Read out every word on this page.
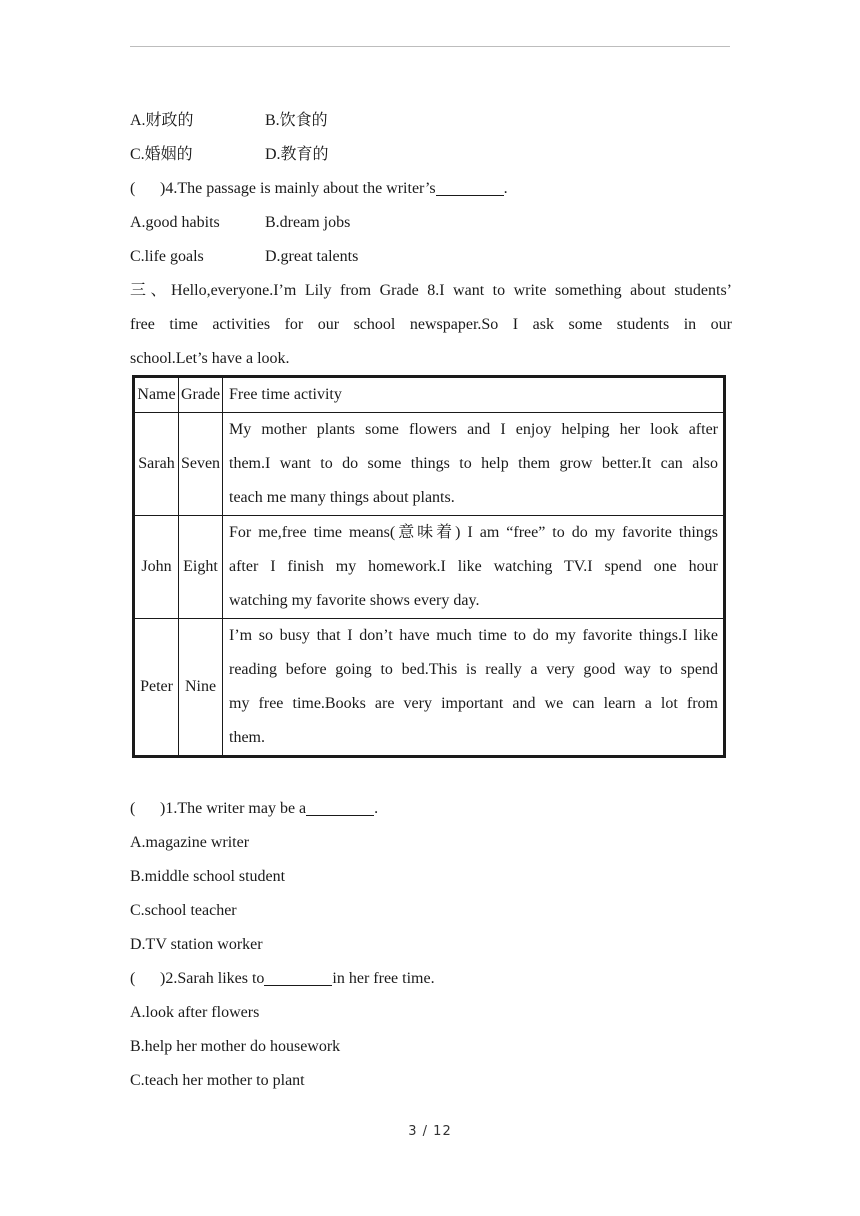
A.财政的	B.饮食的
C.婚姻的	D.教育的
( )4.The passage is mainly about the writer’s	.
A.good habits	B.dream jobs
C.life goals	D.great talents
三、Hello,everyone.I’m Lily from Grade 8.I want to write something about students’
free time activities for our school newspaper.So I ask some students in our
school.Let’s have a look.
Name	Grade	Free time activity
Sarah	Seven	My mother plants some flowers and I enjoy helping her look after
them.I want to do some things to help them grow better.It can also
teach me many things about plants.

John	Eight	For me,free time means(意味着) I am “free” to do my favorite things
after I finish my homework.I like watching TV.I spend one hour
watching my favorite shows every day.

Peter	Nine	I’m so busy that I don’t have much time to do my favorite things.I like
reading before going to bed.This is really a very good way to spend
my free time.Books are very important and we can learn a lot from
them.
( )1.The writer may be a	.
A.magazine writer
B.middle school student
C.school teacher
D.TV station worker
( )2.Sarah likes to	in her free time.
A.look after flowers
B.help her mother do housework
C.teach her mother to plant
3 / 12
